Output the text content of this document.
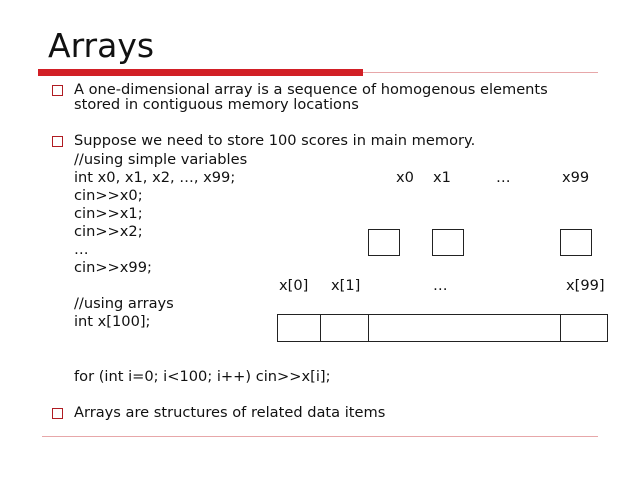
Arrays
A one-dimensional array is a sequence of homogenous elements
stored in contiguous memory locations
Suppose we need to store 100 scores in main memory.
//using simple variables
int x0, x1, x2, …, x99;
cin>>x0;
cin>>x1;
cin>>x2;
…
cin>>x99;
x0 x1	…	x99
x[0] x[1]	…	x[99]
//using arrays
int x[100];
for (int i=0; i<100; i++) cin>>x[i];
Arrays are structures of related data items
